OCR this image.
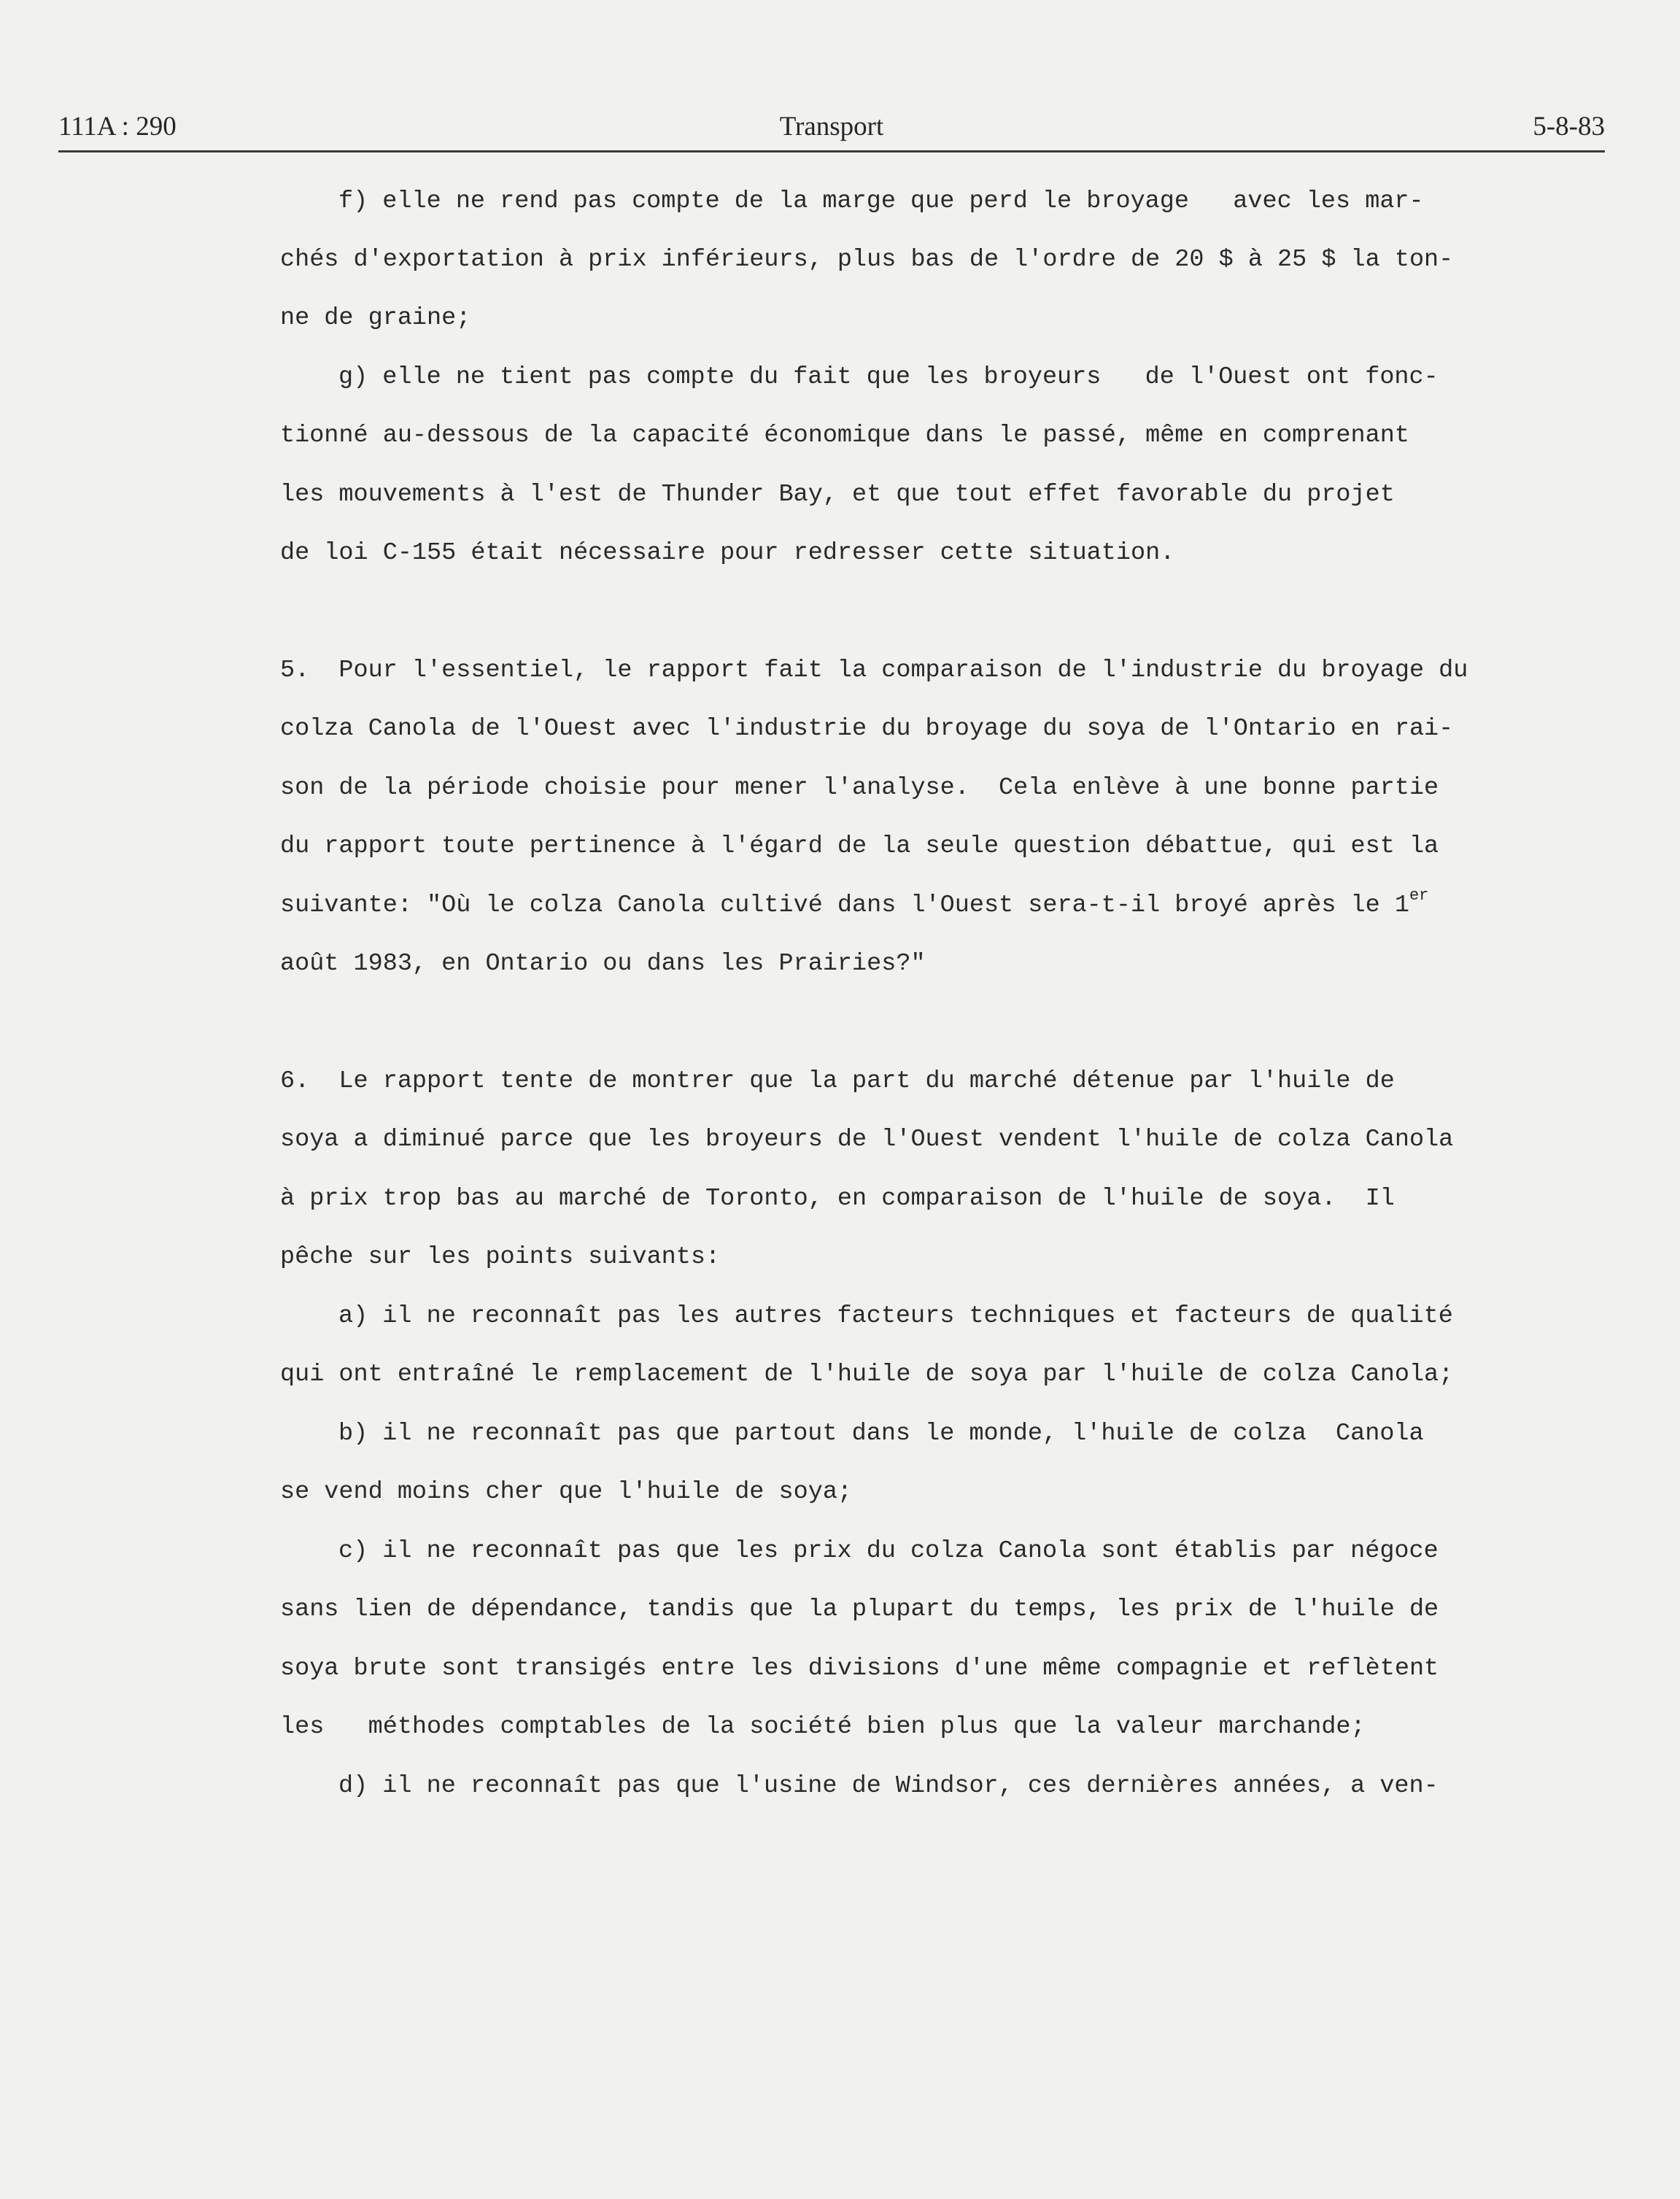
111A : 290	Transport	5-8-83
f) elle ne rend pas compte de la marge que perd le broyage   avec les mar-
chés d'exportation à prix inférieurs, plus bas de l'ordre de 20 $ à 25 $ la ton-
ne de graine;
g) elle ne tient pas compte du fait que les broyeurs   de l'Ouest ont fonc-
tionné au-dessous de la capacité économique dans le passé, même en comprenant
les mouvements à l'est de Thunder Bay, et que tout effet favorable du projet
de loi C-155 était nécessaire pour redresser cette situation.
5.  Pour l'essentiel, le rapport fait la comparaison de l'industrie du broyage du
colza Canola de l'Ouest avec l'industrie du broyage du soya de l'Ontario en rai-
son de la période choisie pour mener l'analyse.  Cela enlève à une bonne partie
du rapport toute pertinence à l'égard de la seule question débattue, qui est la
suivante: "Où le colza Canola cultivé dans l'Ouest sera-t-il broyé après le 1er
août 1983, en Ontario ou dans les Prairies?"
6.  Le rapport tente de montrer que la part du marché détenue par l'huile de
soya a diminué parce que les broyeurs de l'Ouest vendent l'huile de colza Canola
à prix trop bas au marché de Toronto, en comparaison de l'huile de soya.  Il
pêche sur les points suivants:
a) il ne reconnaît pas les autres facteurs techniques et facteurs de qualité
qui ont entraîné le remplacement de l'huile de soya par l'huile de colza Canola;
b) il ne reconnaît pas que partout dans le monde, l'huile de colza  Canola
se vend moins cher que l'huile de soya;
c) il ne reconnaît pas que les prix du colza Canola sont établis par négoce
sans lien de dépendance, tandis que la plupart du temps, les prix de l'huile de
soya brute sont transigés entre les divisions d'une même compagnie et reflètent
les   méthodes comptables de la société bien plus que la valeur marchande;
d) il ne reconnaît pas que l'usine de Windsor, ces dernières années, a ven-
